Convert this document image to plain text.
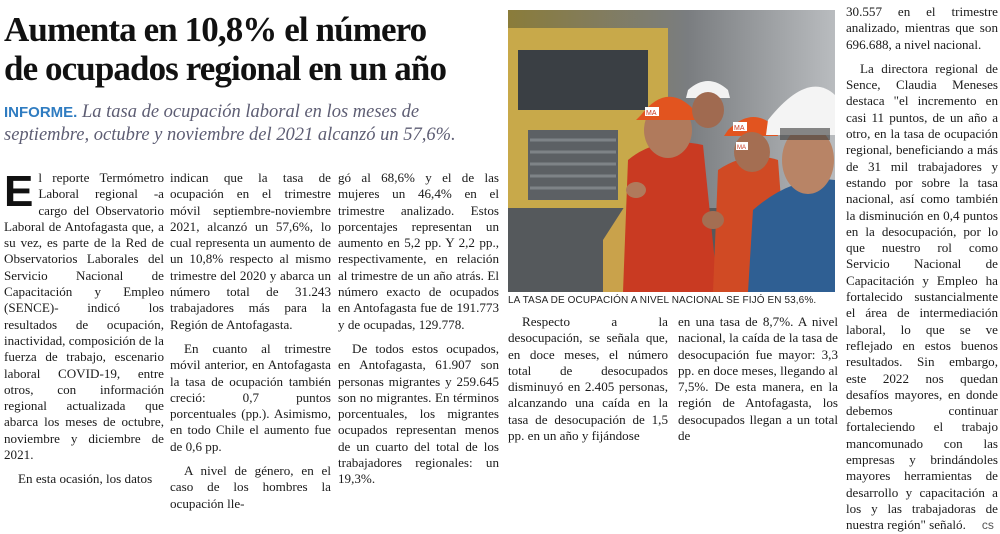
Aumenta en 10,8% el número
de ocupados regional en un año

INFORME. La tasa de ocupación laboral en los meses de septiembre, octubre y noviembre del 2021 alcanzó un 57,6%.

El reporte Termómetro Laboral regional -a cargo del Observatorio Laboral de Antofagasta que, a su vez, es parte de la Red de Observatorios Laborales del Servicio Nacional de Capacitación y Empleo (SENCE)- indicó los resultados de ocupación, inactividad, composición de la fuerza de trabajo, escenario laboral COVID-19, entre otros, con información regional actualizada que abarca los meses de octubre, noviembre y diciembre de 2021.

En esta ocasión, los datos

indican que la tasa de ocupación en el trimestre móvil septiembre-noviembre 2021, alcanzó un 57,6%, lo cual representa un aumento de un 10,8% respecto al mismo trimestre del 2020 y abarca un número total de 31.243 trabajadores más para la Región de Antofagasta.

En cuanto al trimestre móvil anterior, en Antofagasta la tasa de ocupación también creció: 0,7 puntos porcentuales (pp.). Asimismo, en todo Chile el aumento fue de 0,6 pp.

A nivel de género, en el caso de los hombres la ocupación lle-

gó al 68,6% y el de las mujeres un 46,4% en el trimestre analizado. Estos porcentajes representan un aumento en 5,2 pp. Y 2,2 pp., respectivamente, en relación al trimestre de un año atrás. El número exacto de ocupados en Antofagasta fue de 191.773 y de ocupadas, 129.778.

De todos estos ocupados, en Antofagasta, 61.907 son personas migrantes y 259.645 son no migrantes. En términos porcentuales, los migrantes ocupados representan menos de un cuarto del total de los trabajadores regionales: un 19,3%.

MA
MA
MA
LA TASA DE OCUPACIÓN A NIVEL NACIONAL SE FIJÓ EN 53,6%.

Respecto a la desocupación, se señala que, en doce meses, el número total de desocupados disminuyó en 2.405 personas, alcanzando una caída en la tasa de desocupación de 1,5 pp. en un año y fijándose

en una tasa de 8,7%. A nivel nacional, la caída de la tasa de desocupación fue mayor: 3,3 pp. en doce meses, llegando al 7,5%. De esta manera, en la región de Antofagasta, los desocupados llegan a un total de

30.557 en el trimestre analizado, mientras que son 696.688, a nivel nacional.

La directora regional de Sence, Claudia Meneses destaca "el incremento en casi 11 puntos, de un año a otro, en la tasa de ocupación regional, beneficiando a más de 31 mil trabajadores y estando por sobre la tasa nacional, así como también la disminución en 0,4 puntos en la desocupación, por lo que nuestro rol como Servicio Nacional de Capacitación y Empleo ha fortalecido sustancialmente el área de intermediación laboral, lo que se ve reflejado en estos buenos resultados. Sin embargo, este 2022 nos quedan desafíos mayores, en donde debemos continuar fortaleciendo el trabajo mancomunado con las empresas y brindándoles mayores herramientas de desarrollo y capacitación a los y las trabajadoras de nuestra región" señaló. cs
